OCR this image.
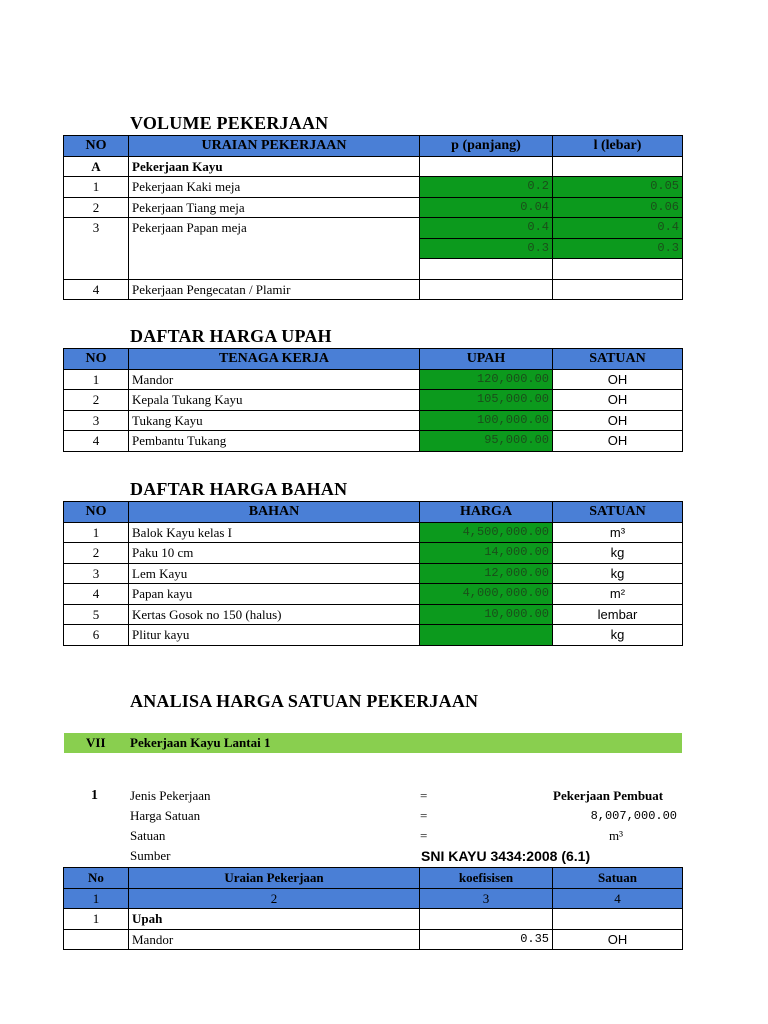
VOLUME PEKERJAAN
NO	URAIAN PEKERJAAN	p (panjang)	l (lebar)
A	Pekerjaan Kayu		
1	Pekerjaan Kaki meja	0.2	0.05
2	Pekerjaan Tiang meja	0.04	0.06
3	Pekerjaan Papan meja	0.4	0.4
		0.3	0.3

4	Pekerjaan Pengecatan / Plamir		
DAFTAR HARGA UPAH
NO	TENAGA KERJA	UPAH	SATUAN
1	Mandor	120,000.00	OH
2	Kepala Tukang Kayu	105,000.00	OH
3	Tukang Kayu	100,000.00	OH
4	Pembantu Tukang	95,000.00	OH
DAFTAR HARGA BAHAN
NO	BAHAN	HARGA	SATUAN
1	Balok Kayu kelas I	4,500,000.00	m³
2	Paku 10 cm	14,000.00	kg
3	Lem Kayu	12,000.00	kg
4	Papan kayu	4,000,000.00	m²
5	Kertas Gosok no 150 (halus)	10,000.00	lembar
6	Plitur kayu		kg
ANALISA HARGA SATUAN PEKERJAAN
VII Pekerjaan Kayu Lantai 1
1 Jenis Pekerjaan	=	Pekerjaan Pembuat
Harga Satuan	=	8,007,000.00
Satuan	=	m³
Sumber	SNI KAYU 3434:2008 (6.1)
No	Uraian Pekerjaan	koefisisen	Satuan
1	2	3	4
1	Upah		
	Mandor	0.35	OH
